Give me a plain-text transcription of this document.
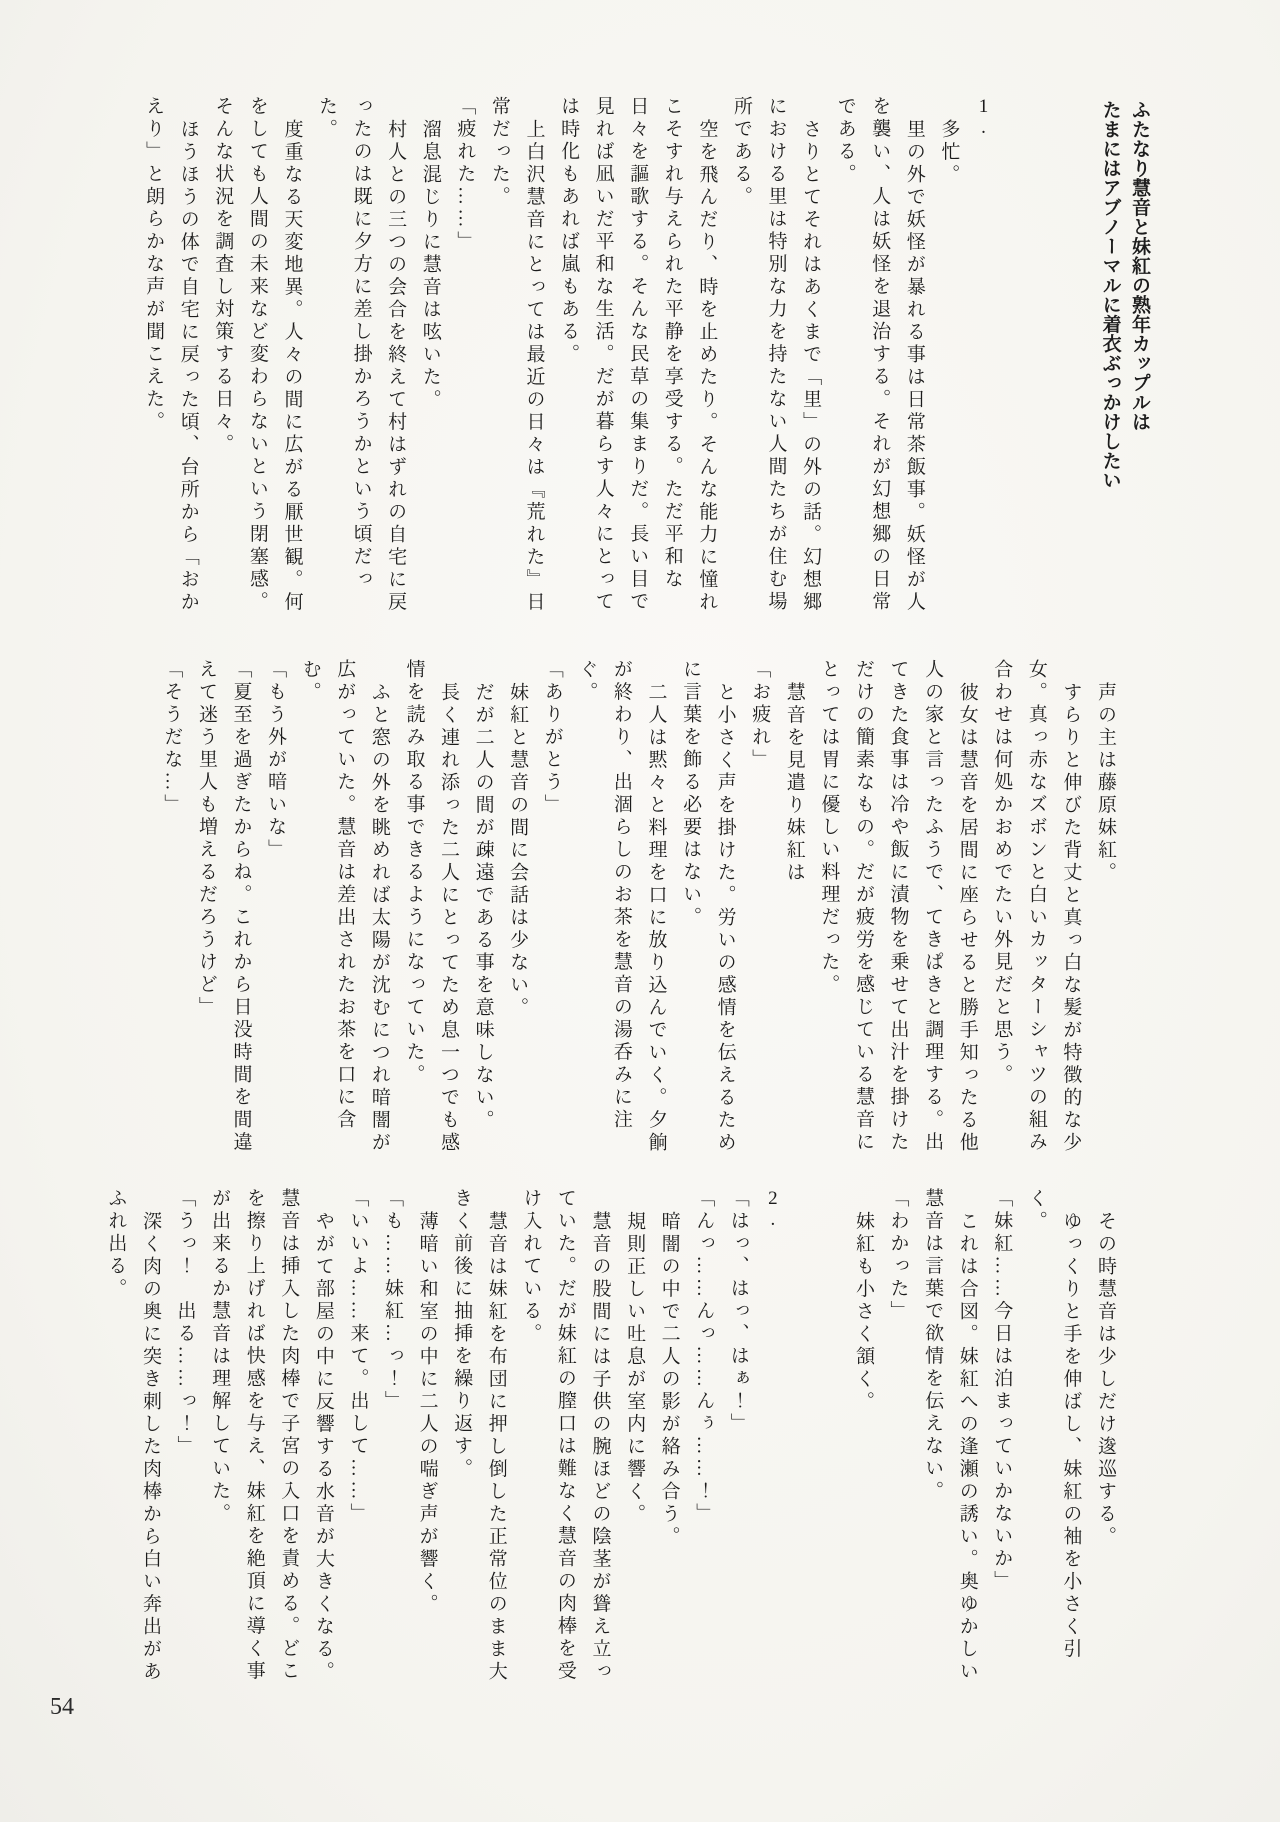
ふたなり慧音と妹紅の熟年カップルは
たまにはアブノーマルに着衣ぶっかけしたい

1.

多忙。

里の外で妖怪が暴れる事は日常茶飯事。妖怪が人を襲い、人は妖怪を退治する。それが幻想郷の日常である。

さりとてそれはあくまで「里」の外の話。幻想郷における里は特別な力を持たない人間たちが住む場所である。

空を飛んだり、時を止めたり。そんな能力に憧れこそすれ与えられた平静を享受する。ただ平和な日々を謳歌する。そんな民草の集まりだ。長い目で見れば凪いだ平和な生活。だが暮らす人々にとっては時化もあれば嵐もある。

上白沢慧音にとっては最近の日々は『荒れた』日常だった。

「疲れた……」

溜息混じりに慧音は呟いた。

村人との三つの会合を終えて村はずれの自宅に戻ったのは既に夕方に差し掛かろうかという頃だった。

度重なる天変地異。人々の間に広がる厭世観。何をしても人間の未来など変わらないという閉塞感。そんな状況を調査し対策する日々。

ほうほうの体で自宅に戻った頃、台所から「おかえり」と朗らかな声が聞こえた。

声の主は藤原妹紅。

すらりと伸びた背丈と真っ白な髪が特徴的な少女。真っ赤なズボンと白いカッターシャツの組み合わせは何処かおめでたい外見だと思う。

彼女は慧音を居間に座らせると勝手知ったる他人の家と言ったふうで、てきぱきと調理する。出てきた食事は冷や飯に漬物を乗せて出汁を掛けただけの簡素なもの。だが疲労を感じている慧音にとっては胃に優しい料理だった。

慧音を見遣り妹紅は

「お疲れ」

と小さく声を掛けた。労いの感情を伝えるために言葉を飾る必要はない。

二人は黙々と料理を口に放り込んでいく。夕餉が終わり、出涸らしのお茶を慧音の湯呑みに注ぐ。

「ありがとう」

妹紅と慧音の間に会話は少ない。

だが二人の間が疎遠である事を意味しない。

長く連れ添った二人にとってため息一つでも感情を読み取る事できるようになっていた。

ふと窓の外を眺めれば太陽が沈むにつれ暗闇が広がっていた。慧音は差出されたお茶を口に含む。

「もう外が暗いな」

「夏至を過ぎたからね。これから日没時間を間違えて迷う里人も増えるだろうけど」

「そうだな…」

その時慧音は少しだけ逡巡する。

ゆっくりと手を伸ばし、妹紅の袖を小さく引く。

「妹紅……今日は泊まっていかないか」

これは合図。妹紅への逢瀬の誘い。奥ゆかしい慧音は言葉で欲情を伝えない。

「わかった」

妹紅も小さく頷く。

2.

「はっ、はっ、はぁ！」

「んっ……んっ……んぅ……！」

暗闇の中で二人の影が絡み合う。

規則正しい吐息が室内に響く。

慧音の股間には子供の腕ほどの陰茎が聳え立っていた。だが妹紅の膣口は難なく慧音の肉棒を受け入れている。

慧音は妹紅を布団に押し倒した正常位のまま大きく前後に抽挿を繰り返す。

薄暗い和室の中に二人の喘ぎ声が響く。

「も……妹紅…っ！」

「いいよ……来て。出して……」

やがて部屋の中に反響する水音が大きくなる。慧音は挿入した肉棒で子宮の入口を責める。どこを擦り上げれば快感を与え、妹紅を絶頂に導く事が出来るか慧音は理解していた。

「うっ！　出る……っ！」

深く肉の奥に突き刺した肉棒から白い奔出があふれ出る。

54
